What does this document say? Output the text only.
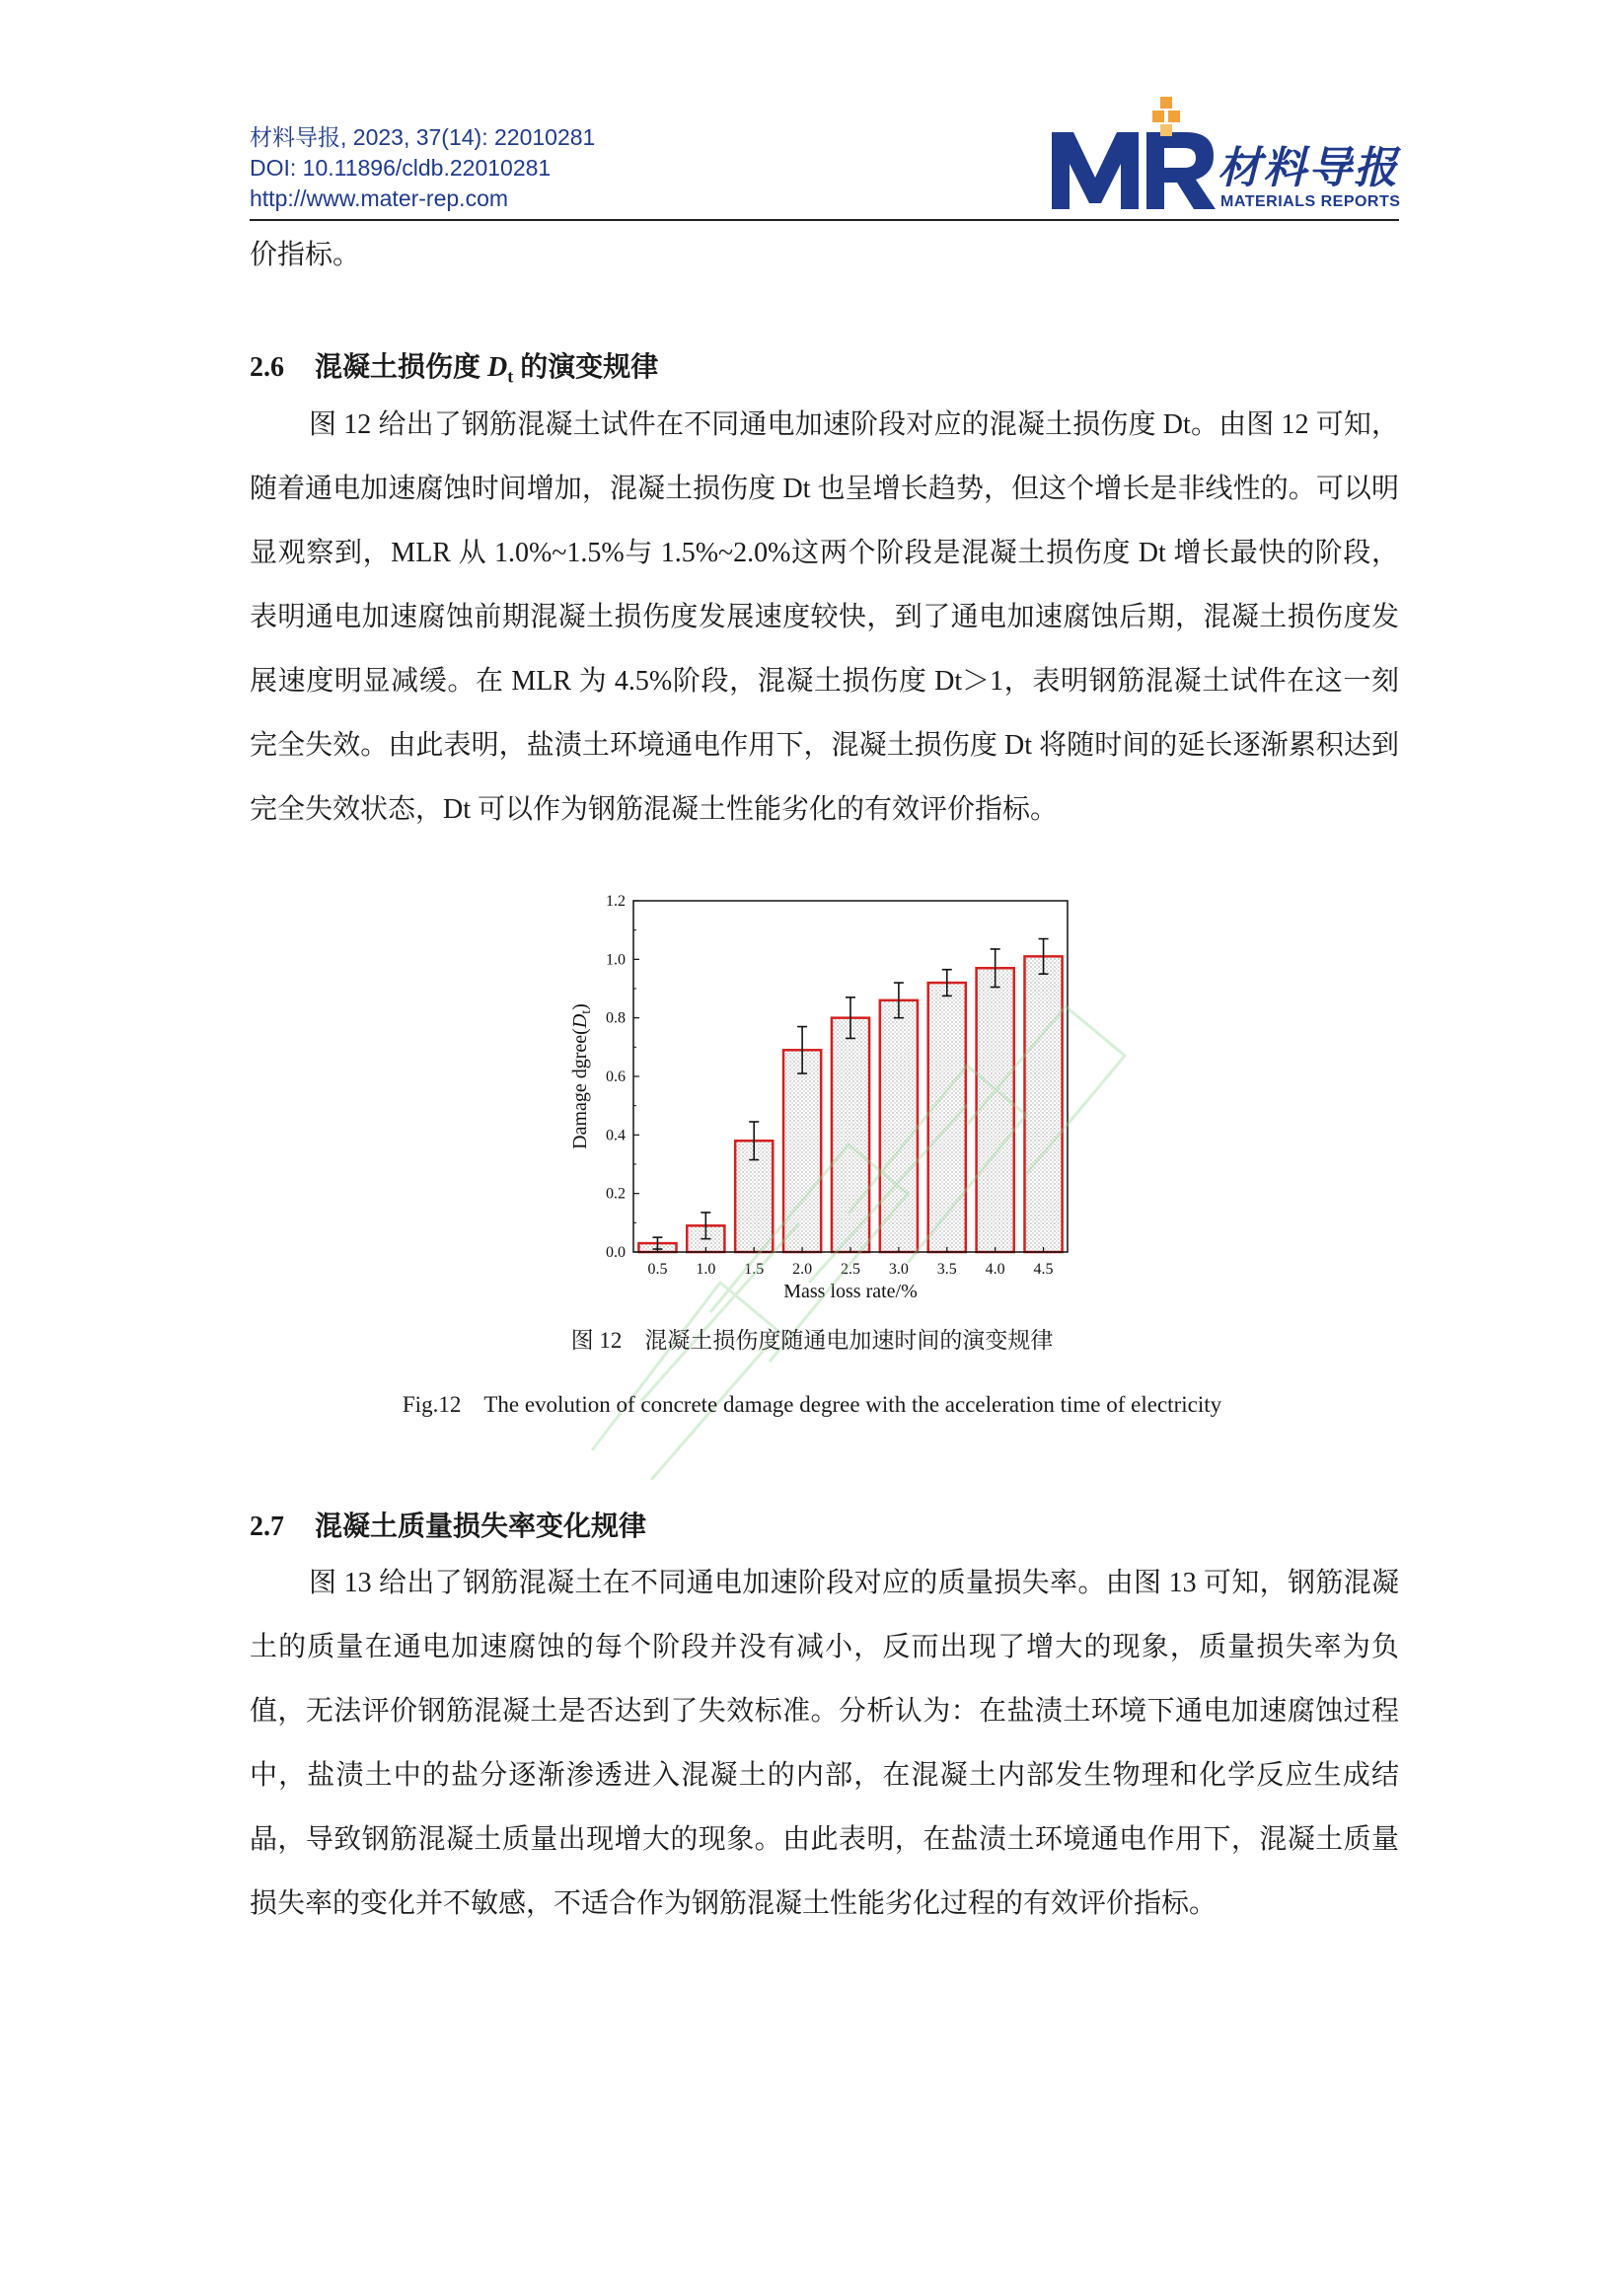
材料导报, 2023, 37(14): 22010281
DOI: 10.11896/cldb.22010281
http://www.mater-rep.com
材料导报
MATERIALS REPORTS
价指标。
2.6 混凝土损伤度 $D_t$ 的演变规律
图 12 给出了钢筋混凝土试件在不同通电加速阶段对应的混凝土损伤度 Dt。由图 12 可知，随着通电加速腐蚀时间增加，混凝土损伤度 Dt 也呈增长趋势，但这个增长是非线性的。可以明显观察到，MLR 从 1.0%~1.5%与 1.5%~2.0%这两个阶段是混凝土损伤度 Dt 增长最快的阶段，表明通电加速腐蚀前期混凝土损伤度发展速度较快，到了通电加速腐蚀后期，混凝土损伤度发展速度明显减缓。在 MLR 为 4.5%阶段，混凝土损伤度 Dt＞1，表明钢筋混凝土试件在这一刻完全失效。由此表明，盐渍土环境通电作用下，混凝土损伤度 Dt 将随时间的延长逐渐累积达到完全失效状态，Dt 可以作为钢筋混凝土性能劣化的有效评价指标。
0.0
0.2
0.4
0.6
0.8
1.0
1.2
0.5 1.0 1.5 2.0 2.5 3.0 3.5 4.0 4.5
Mass loss rate/%
Damage $dgree(D_t)$
图 12　混凝土损伤度随通电加速时间的演变规律
Fig.12　The evolution of concrete damage degree with the acceleration time of electricity
2.7 混凝土质量损失率变化规律
图 13 给出了钢筋混凝土在不同通电加速阶段对应的质量损失率。由图 13 可知，钢筋混凝土的质量在通电加速腐蚀的每个阶段并没有减小，反而出现了增大的现象，质量损失率为负值，无法评价钢筋混凝土是否达到了失效标准。分析认为：在盐渍土环境下通电加速腐蚀过程中，盐渍土中的盐分逐渐渗透进入混凝土的内部，在混凝土内部发生物理和化学反应生成结晶，导致钢筋混凝土质量出现增大的现象。由此表明，在盐渍土环境通电作用下，混凝土质量损失率的变化并不敏感，不适合作为钢筋混凝土性能劣化过程的有效评价指标。
